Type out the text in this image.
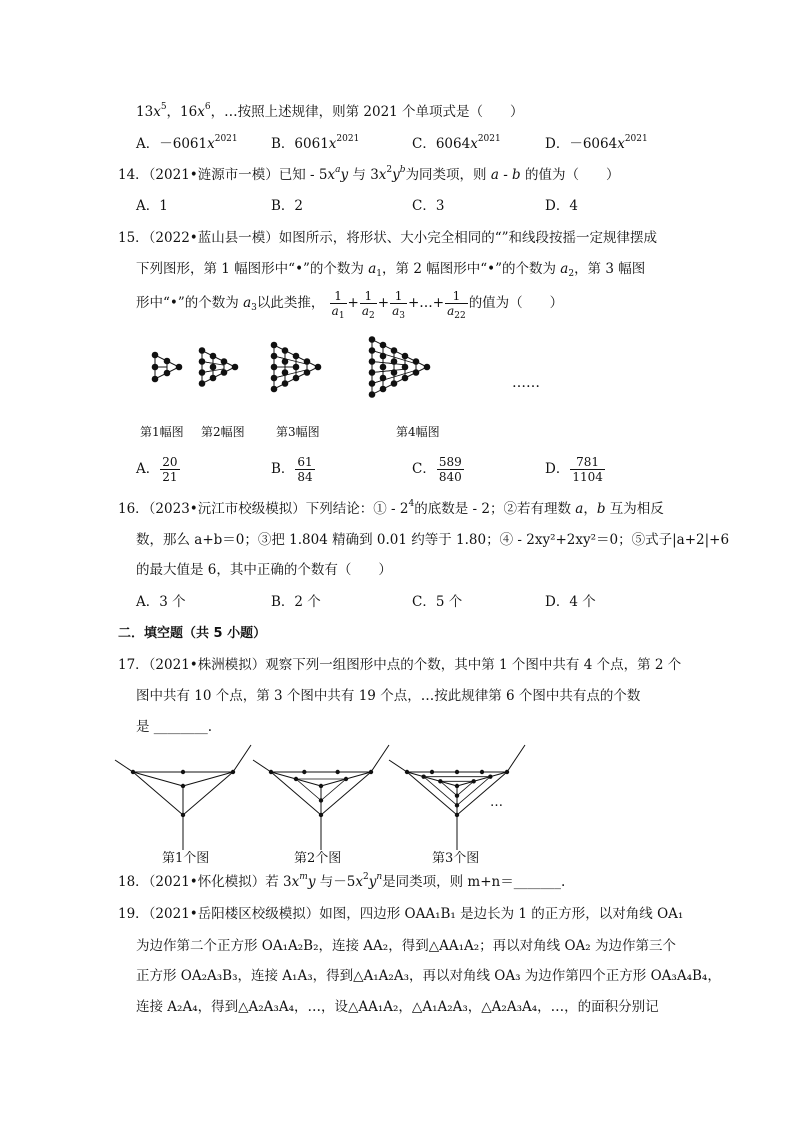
$13x^5$，$16x^6$，…按照上述规律，则第 2021 个单项式是（　　）
A．$-6061x^{2021}$ B．$6061x^{2021}$	C．$6064x^{2021}$	D．$-6064x^{2021}$
14．（2021•涟源市一模）已知 - $5x^ay$ 与 $3x^2y^b$为同类项，则 a - b 的值为（　　）
A．1	B．2	C．3	D．4
15．（2022•蓝山县一模）如图所示，将形状、大小完全相同的“”和线段按摇一定规律摆成
下列图形，第 1 幅图形中“•”的个数为 $a_1$，第 2 幅图形中“•”的个数为 $a_2$，第 3 幅图
形中“•”的个数为 $a_3$以此类推， $\frac{1}{a_1} + \frac{1}{a_2} + \frac{1}{a_3}$ +…+ $\frac{1}{a_{22}}$ 的值为（　　）
第1幅图 第2幅图	第3幅图	第4幅图
……
A． $\frac{20}{21}$	B． $\frac{61}{84}$	C． $\frac{589}{840}$	D． $\frac{781}{1104}$
16．（2023•沅江市校级模拟）下列结论：① - $2^4$的底数是 - 2；②若有理数 a，b 互为相反
数，那么 a+b＝0；③把 1.804 精确到 0.01 约等于 1.80；④ - 2xy²+2xy²＝0；⑤式子|a+2|+6
的最大值是 6，其中正确的个数有（　　）
A．3 个	B．2 个	C．5 个	D．4 个
二．填空题（共 5 小题）
17．（2021•株洲模拟）观察下列一组图形中点的个数，其中第 1 个图中共有 4 个点，第 2 个
图中共有 10 个点，第 3 个图中共有 19 个点，…按此规律第 6 个图中共有点的个数
是 ________.
第1个图	第2个图	第3个图
…
18．（2021•怀化模拟）若 $3x^my$ 与$-5x^2y^n$是同类项，则 m+n＝_______.
19．（2021•岳阳楼区校级模拟）如图，四边形 OAA₁B₁ 是边长为 1 的正方形，以对角线 OA₁
为边作第二个正方形 OA₁A₂B₂，连接 AA₂，得到△AA₁A₂；再以对角线 OA₂ 为边作第三个
正方形 OA₂A₃B₃，连接 A₁A₃，得到△A₁A₂A₃，再以对角线 OA₃ 为边作第四个正方形 OA₃A₄B₄，
连接 A₂A₄，得到△A₂A₃A₄，…，设△AA₁A₂，△A₁A₂A₃，△A₂A₃A₄，…，的面积分别记
